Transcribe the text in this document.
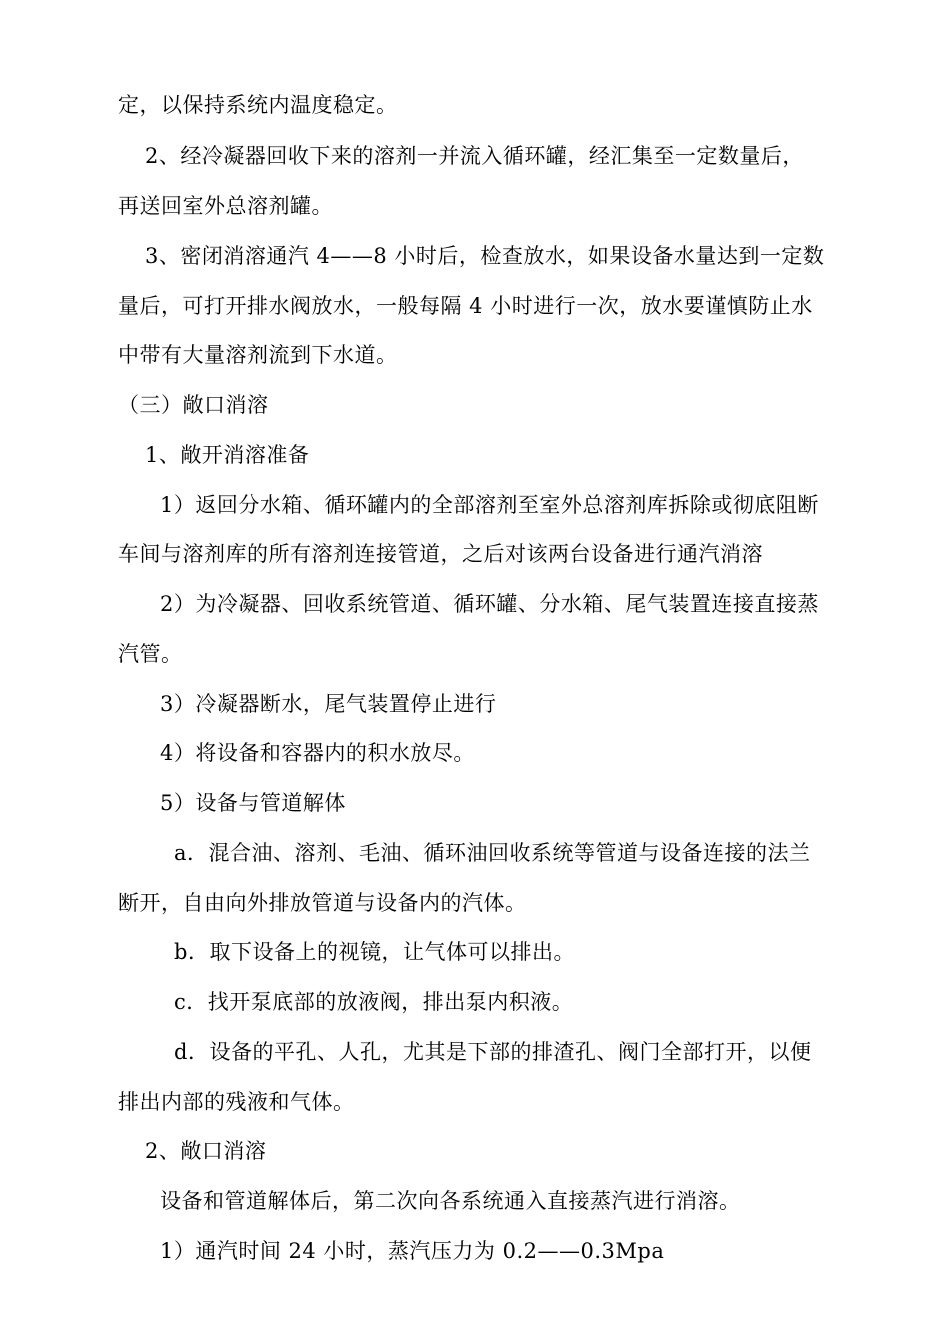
定，以保持系统内温度稳定。
2、经冷凝器回收下来的溶剂一并流入循环罐，经汇集至一定数量后，
再送回室外总溶剂罐。
3、密闭消溶通汽 4——8 小时后，检查放水，如果设备水量达到一定数
量后，可打开排水阀放水，一般每隔 4 小时进行一次，放水要谨慎防止水
中带有大量溶剂流到下水道。
（三）敞口消溶
1、敞开消溶准备
1）返回分水箱、循环罐内的全部溶剂至室外总溶剂库拆除或彻底阻断
车间与溶剂库的所有溶剂连接管道，之后对该两台设备进行通汽消溶
2）为冷凝器、回收系统管道、循环罐、分水箱、尾气装置连接直接蒸
汽管。
3）冷凝器断水，尾气装置停止进行
4）将设备和容器内的积水放尽。
5）设备与管道解体
a．混合油、溶剂、毛油、循环油回收系统等管道与设备连接的法兰
断开，自由向外排放管道与设备内的汽体。
b．取下设备上的视镜，让气体可以排出。
c．找开泵底部的放液阀，排出泵内积液。
d．设备的平孔、人孔，尤其是下部的排渣孔、阀门全部打开，以便
排出内部的残液和气体。
2、敞口消溶
设备和管道解体后，第二次向各系统通入直接蒸汽进行消溶。
1）通汽时间 24 小时，蒸汽压力为 0.2——0.3Mpa
